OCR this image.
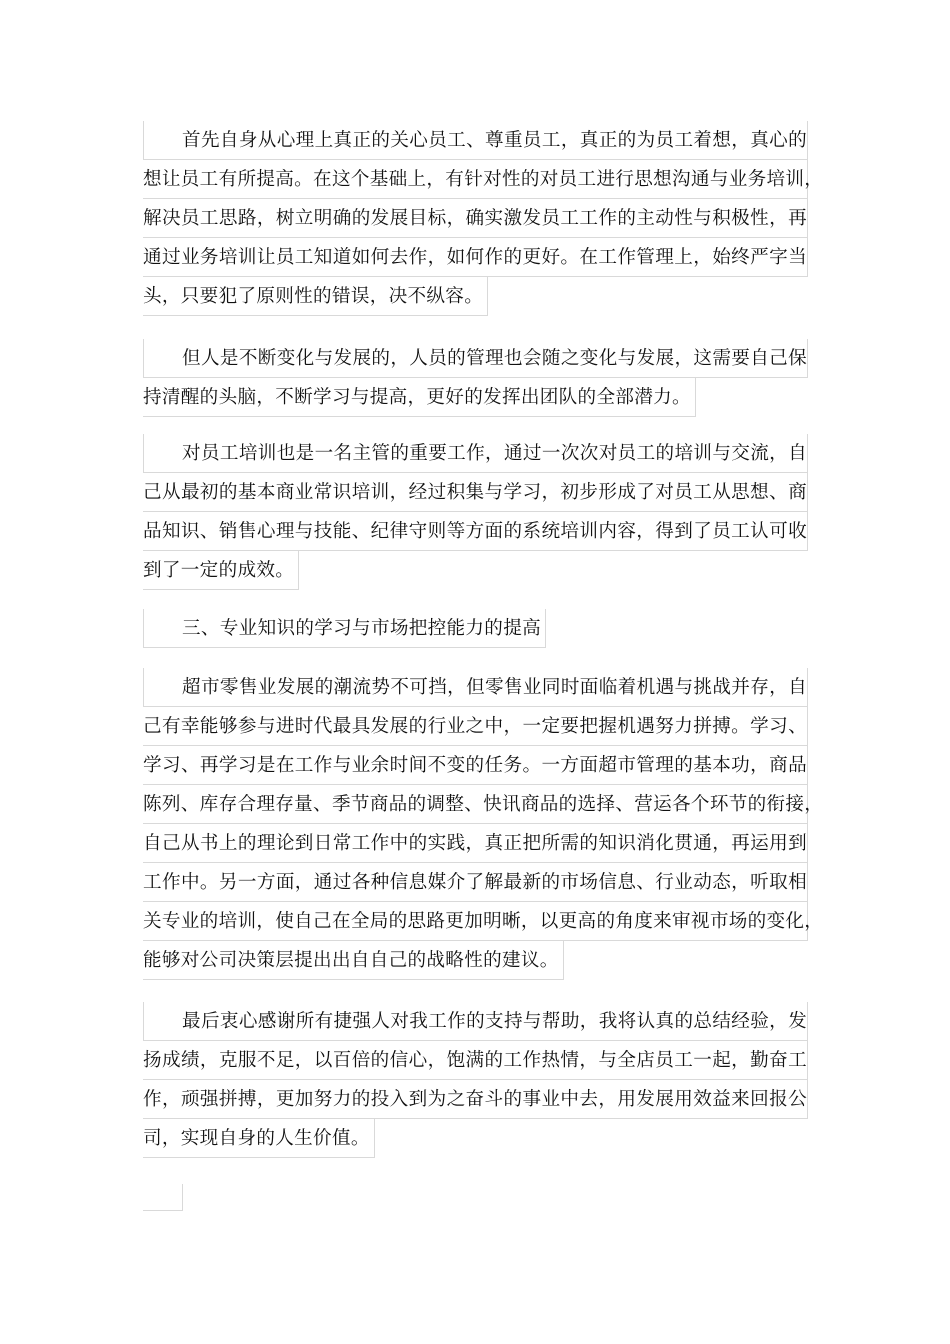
首先自身从心理上真正的关心员工、尊重员工，真正的为员工着想，真心的
想让员工有所提高。在这个基础上，有针对性的对员工进行思想沟通与业务培训，
解决员工思路，树立明确的发展目标，确实激发员工工作的主动性与积极性，再
通过业务培训让员工知道如何去作，如何作的更好。在工作管理上，始终严字当
头，只要犯了原则性的错误，决不纵容。
但人是不断变化与发展的，人员的管理也会随之变化与发展，这需要自己保
持清醒的头脑，不断学习与提高，更好的发挥出团队的全部潜力。
对员工培训也是一名主管的重要工作，通过一次次对员工的培训与交流，自
己从最初的基本商业常识培训，经过积集与学习，初步形成了对员工从思想、商
品知识、销售心理与技能、纪律守则等方面的系统培训内容，得到了员工认可收
到了一定的成效。
三、专业知识的学习与市场把控能力的提高
超市零售业发展的潮流势不可挡，但零售业同时面临着机遇与挑战并存，自
己有幸能够参与进时代最具发展的行业之中，一定要把握机遇努力拼搏。学习、
学习、再学习是在工作与业余时间不变的任务。一方面超市管理的基本功，商品
陈列、库存合理存量、季节商品的调整、快讯商品的选择、营运各个环节的衔接，
自己从书上的理论到日常工作中的实践，真正把所需的知识消化贯通，再运用到
工作中。另一方面，通过各种信息媒介了解最新的市场信息、行业动态，听取相
关专业的培训，使自己在全局的思路更加明晰，以更高的角度来审视市场的变化，
能够对公司决策层提出出自自己的战略性的建议。
最后衷心感谢所有捷强人对我工作的支持与帮助，我将认真的总结经验，发
扬成绩，克服不足，以百倍的信心，饱满的工作热情，与全店员工一起，勤奋工
作，顽强拼搏，更加努力的投入到为之奋斗的事业中去，用发展用效益来回报公
司，实现自身的人生价值。
